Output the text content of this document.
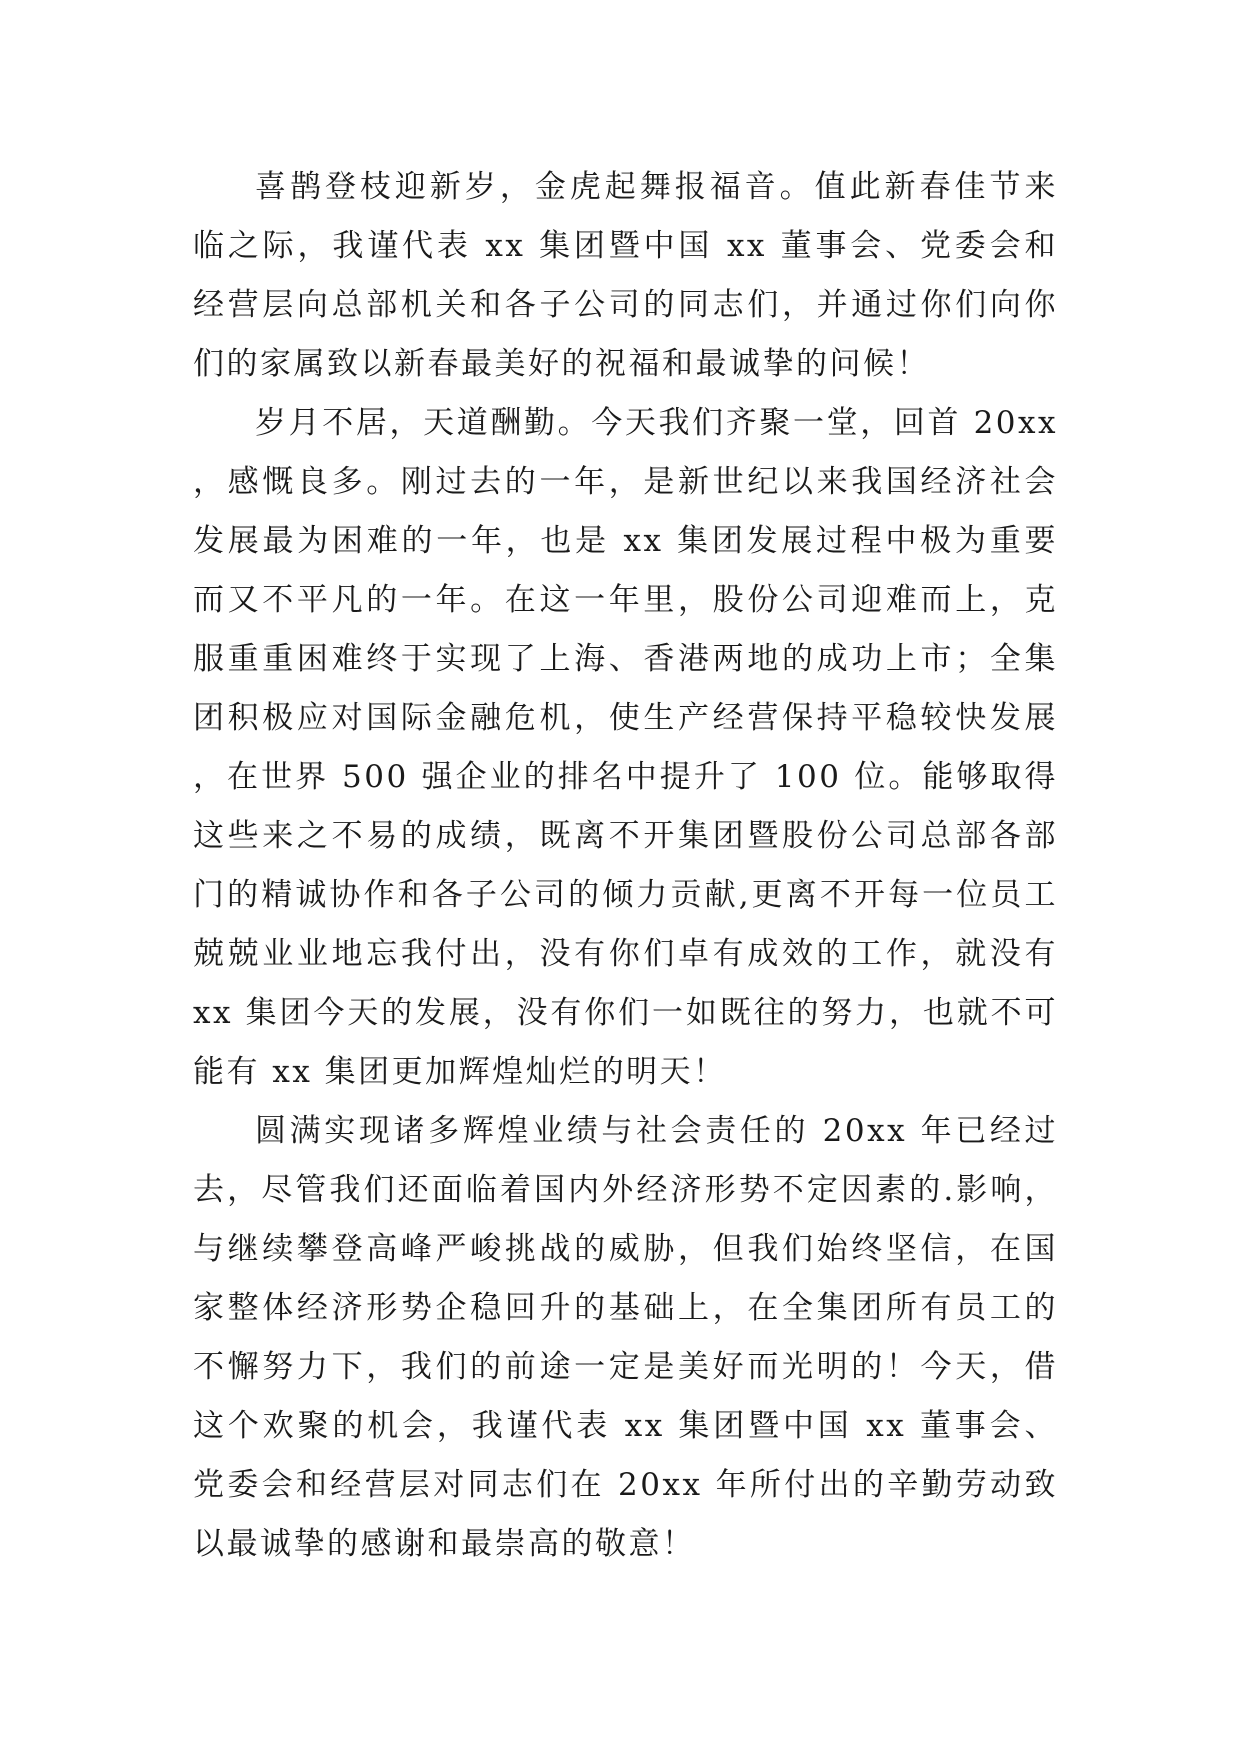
喜鹊登枝迎新岁，金虎起舞报福音。值此新春佳节来临之际，我谨代表 xx 集团暨中国 xx 董事会、党委会和经营层向总部机关和各子公司的同志们，并通过你们向你们的家属致以新春最美好的祝福和最诚挚的问候！

岁月不居，天道酬勤。今天我们齐聚一堂，回首 20xx，感慨良多。刚过去的一年，是新世纪以来我国经济社会发展最为困难的一年，也是 xx 集团发展过程中极为重要而又不平凡的一年。在这一年里，股份公司迎难而上，克服重重困难终于实现了上海、香港两地的成功上市；全集团积极应对国际金融危机，使生产经营保持平稳较快发展，在世界 500 强企业的排名中提升了 100 位。能够取得这些来之不易的成绩，既离不开集团暨股份公司总部各部门的精诚协作和各子公司的倾力贡献,更离不开每一位员工兢兢业业地忘我付出，没有你们卓有成效的工作，就没有 xx 集团今天的发展，没有你们一如既往的努力，也就不可能有 xx 集团更加辉煌灿烂的明天！

圆满实现诸多辉煌业绩与社会责任的 20xx 年已经过去，尽管我们还面临着国内外经济形势不定因素的.影响，与继续攀登高峰严峻挑战的威胁，但我们始终坚信，在国家整体经济形势企稳回升的基础上，在全集团所有员工的不懈努力下，我们的前途一定是美好而光明的！今天，借这个欢聚的机会，我谨代表 xx 集团暨中国 xx 董事会、党委会和经营层对同志们在 20xx 年所付出的辛勤劳动致以最诚挚的感谢和最崇高的敬意！
